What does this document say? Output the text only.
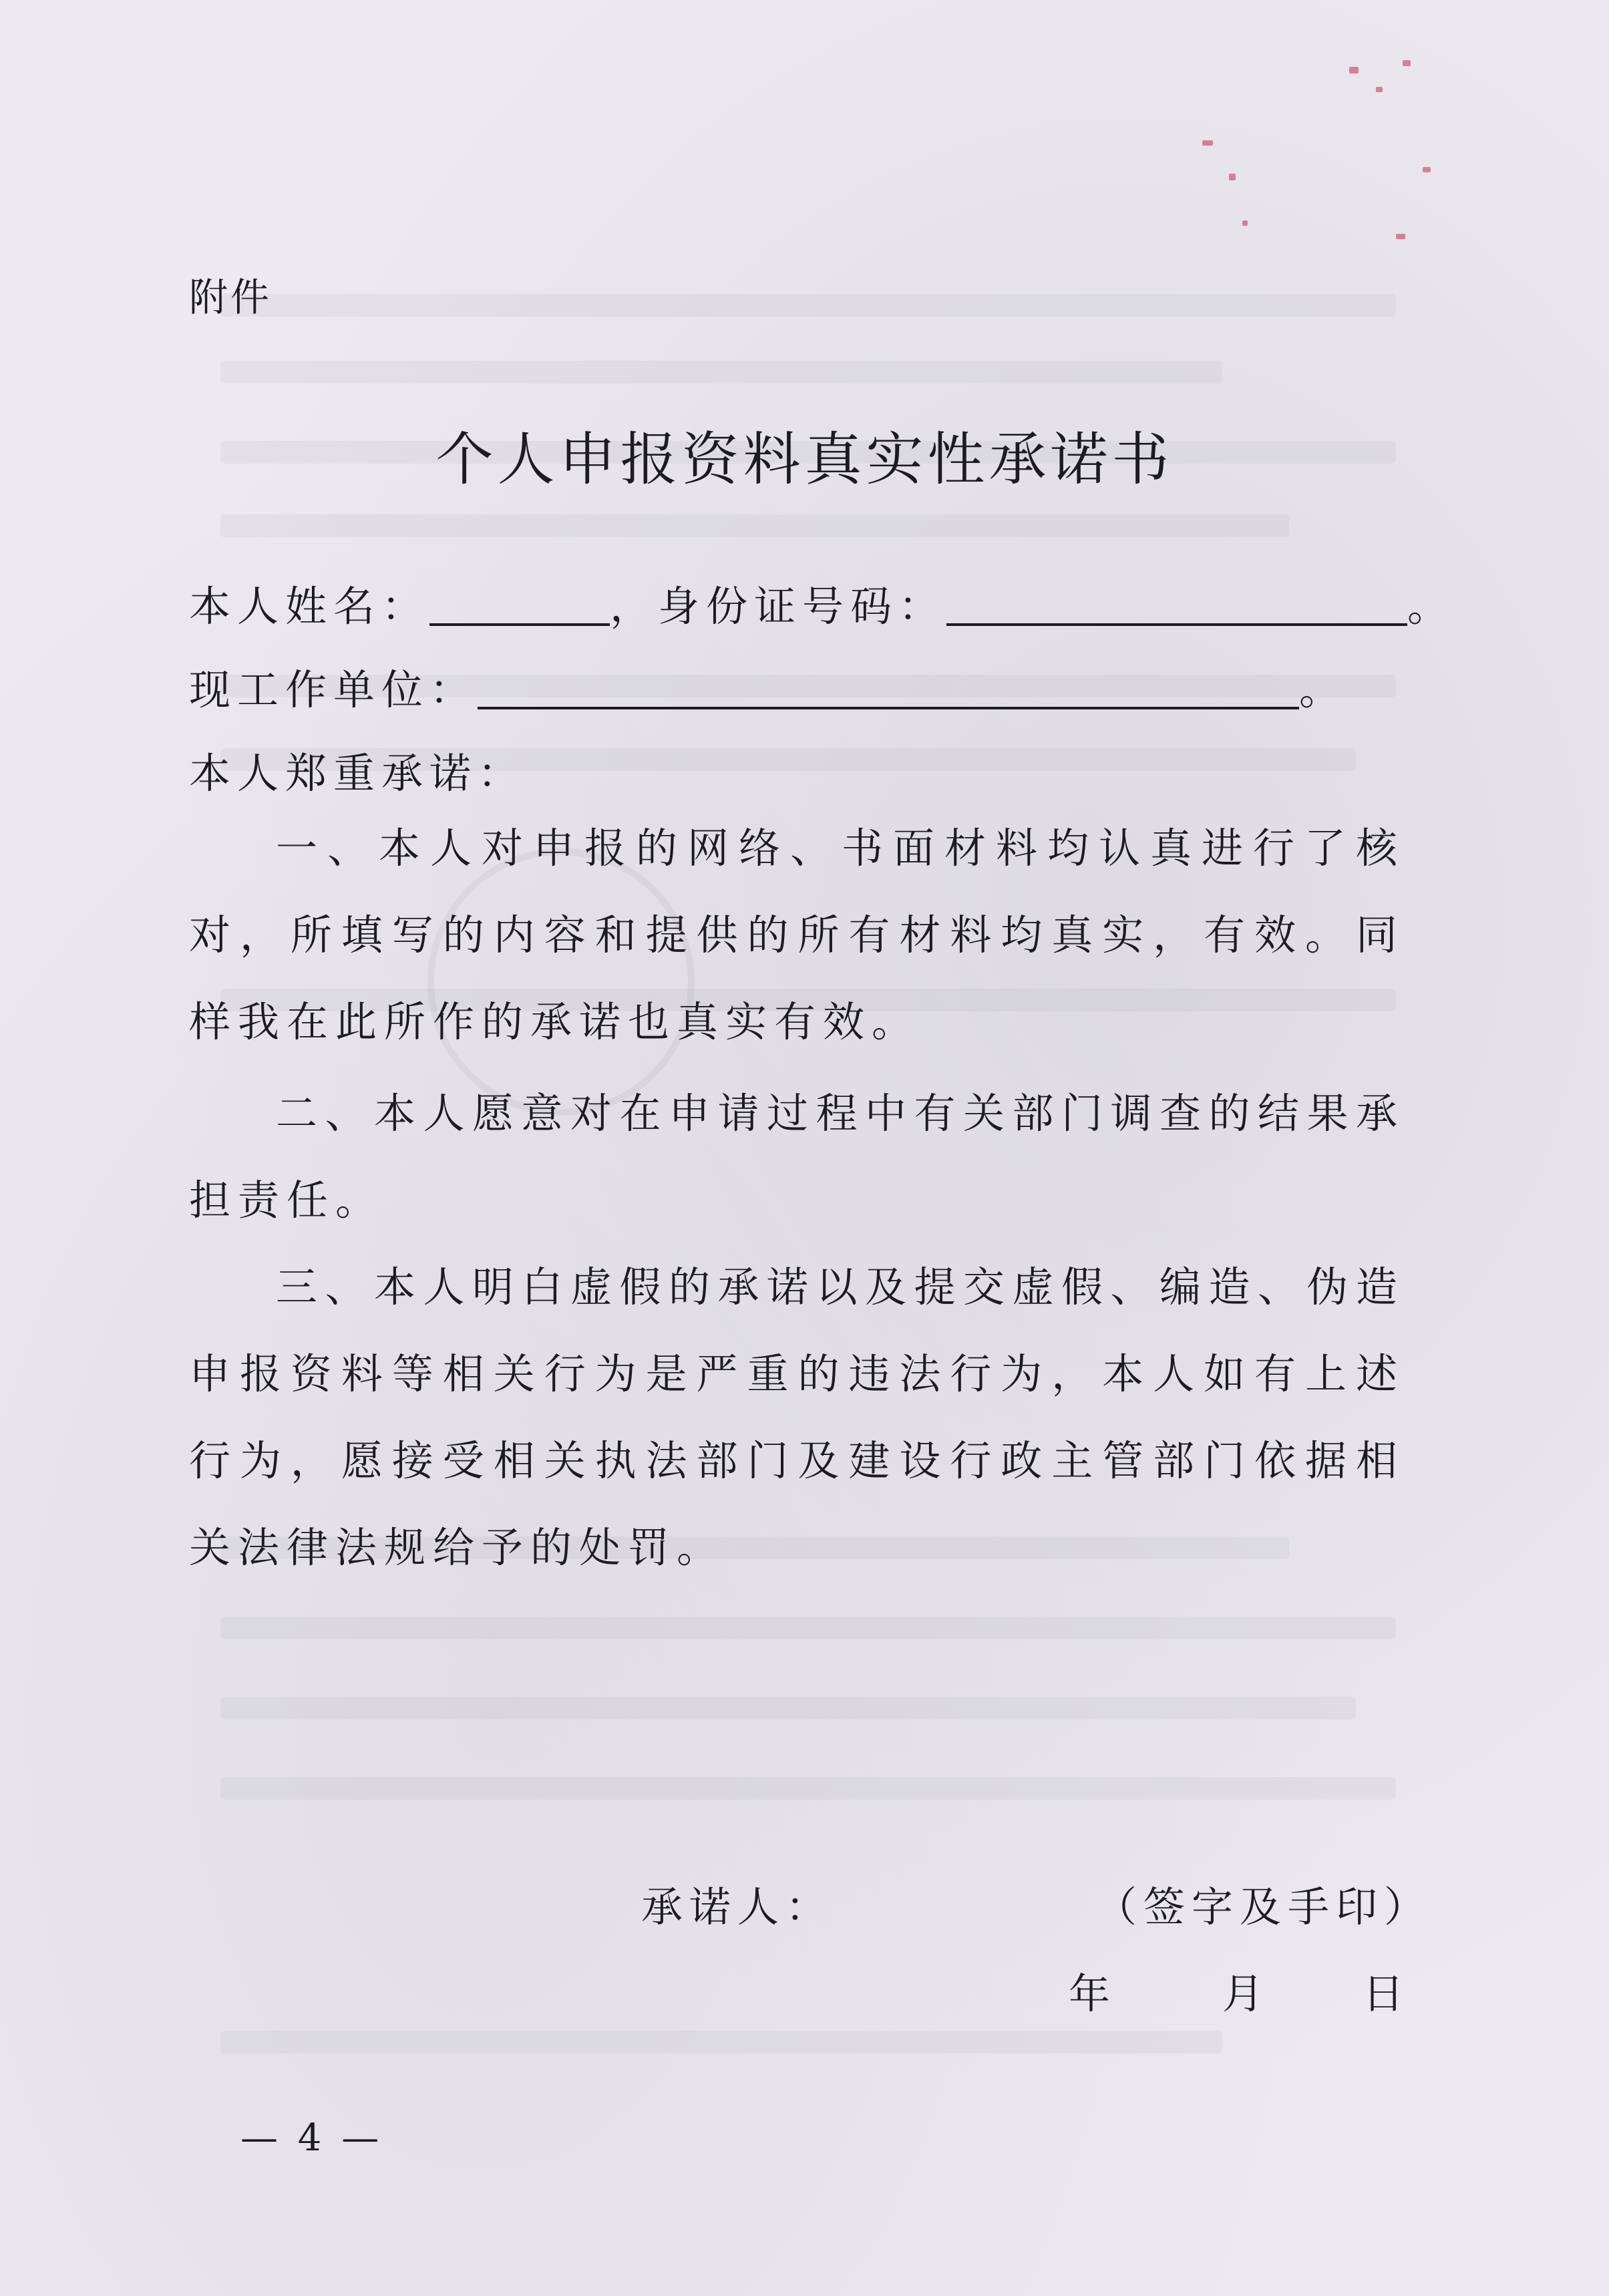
附件
个人申报资料真实性承诺书
本人姓名：	，身份证号码：	。
现工作单位：	。
本人郑重承诺：

一、本人对申报的网络、书面材料均认真进行了核对，所填写的内容和提供的所有材料均真实，有效。同样我在此所作的承诺也真实有效。

二、本人愿意对在申请过程中有关部门调查的结果承担责任。

三、本人明白虚假的承诺以及提交虚假、编造、伪造申报资料等相关行为是严重的违法行为，本人如有上述行为，愿接受相关执法部门及建设行政主管部门依据相关法律法规给予的处罚。

承诺人：	（签字及手印）
年	月 日
— 4 —
